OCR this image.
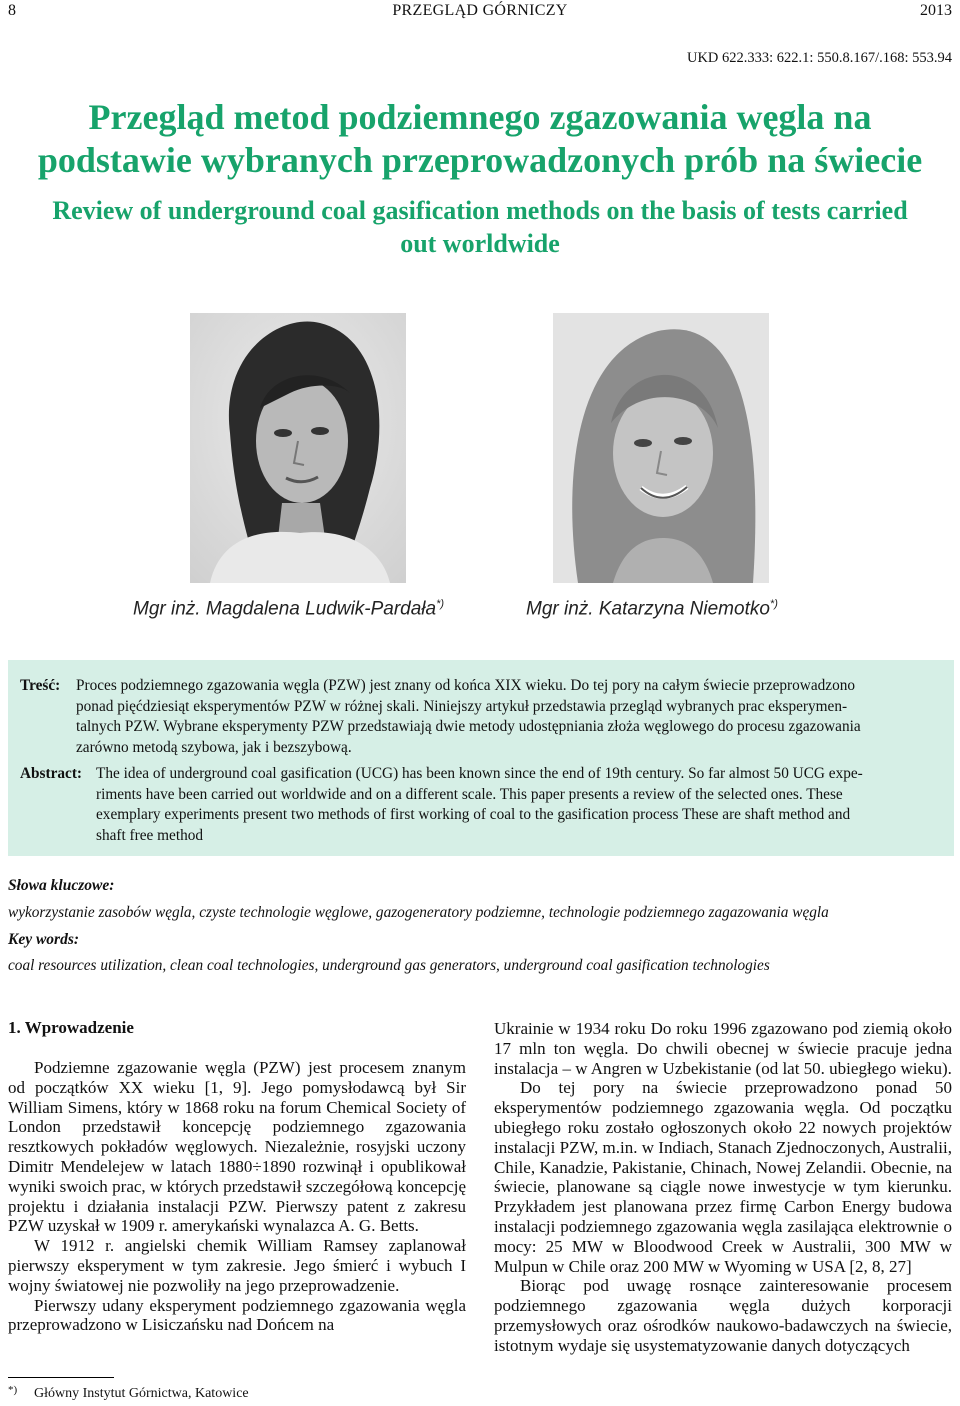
PRZEGLĄD GÓRNICZY
8	2013
UKD 622.333: 622.1: 550.8.167/.168: 553.94
Przegląd metod podziemnego zgazowania węgla na
podstawie wybranych przeprowadzonych prób na świecie
Review of underground coal gasification methods on the basis of tests carried
out worldwide
Mgr inż. Magdalena Ludwik-Pardała*)	Mgr inż. Katarzyna Niemotko*)
Treść: Proces podziemnego zgazowania węgla (PZW) jest znany od końca XIX wieku. Do tej pory na całym świecie przeprowadzono
ponad pięćdziesiąt eksperymentów PZW w różnej skali. Niniejszy artykuł przedstawia przegląd wybranych prac eksperymen-
talnych PZW. Wybrane eksperymenty PZW przedstawiają dwie metody udostępniania złoża węglowego do procesu zgazowania
zarówno metodą szybowa, jak i bezszybową.
Abstract: The idea of underground coal gasification (UCG) has been known since the end of 19th century. So far almost 50 UCG expe-
riments have been carried out worldwide and on a different scale. This paper presents a review of the selected ones. These
exemplary experiments present two methods of first working of coal to the gasification process These are shaft method and
shaft free method
Słowa kluczowe:
wykorzystanie zasobów węgla, czyste technologie węglowe, gazogeneratory podziemne, technologie podziemnego zagazowania węgla
Key words:
coal resources utilization, clean coal technologies, underground gas generators, underground coal gasification technologies
1. Wprowadzenie

Podziemne zgazowanie węgla (PZW) jest procesem znanym od początków XX wieku [1, 9]. Jego pomysłodawcą był Sir William Simens, który w 1868 roku na forum Chemical Society of London przedstawił koncepcję podziemnego zgazowania resztkowych pokładów węglowych. Niezależnie, rosyjski uczony Dimitr Mendelejew w latach 1880÷1890 rozwinął i opublikował wyniki swoich prac, w których przedstawił szczegółową koncepcję projektu i działania instalacji PZW. Pierwszy patent z zakresu PZW uzyskał w 1909 r. amerykański wynalazca A. G. Betts.

W 1912 r. angielski chemik William Ramsey zaplanował pierwszy eksperyment w tym zakresie. Jego śmierć i wybuch I wojny światowej nie pozwoliły na jego przeprowadzenie.

Pierwszy udany eksperyment podziemnego zgazowania węgla przeprowadzono w Lisiczańsku nad Dońcem na

Ukrainie w 1934 roku Do roku 1996 zgazowano pod ziemią około 17 mln ton węgla. Do chwili obecnej w świecie pracuje jedna instalacja – w Angren w Uzbekistanie (od lat 50. ubiegłego wieku).

Do tej pory na świecie przeprowadzono ponad 50 eksperymentów podziemnego zgazowania węgla. Od początku ubiegłego roku zostało ogłoszonych około 22 nowych projektów instalacji PZW, m.in. w Indiach, Stanach Zjednoczonych, Australii, Chile, Kanadzie, Pakistanie, Chinach, Nowej Zelandii. Obecnie, na świecie, planowane są ciągle nowe inwestycje w tym kierunku. Przykładem jest planowana przez firmę Carbon Energy budowa instalacji podziemnego zgazowania węgla zasilająca elektrownie o mocy: 25 MW w Bloodwood Creek w Australii, 300 MW w Mulpun w Chile oraz 200 MW w Wyoming w USA [2, 8, 27]

Biorąc pod uwagę rosnące zainteresowanie procesem podziemnego zgazowania węgla dużych korporacji przemysłowych oraz ośrodków naukowo-badawczych na świecie, istotnym wydaje się usystematyzowanie danych dotyczących

*) Główny Instytut Górnictwa, Katowice
